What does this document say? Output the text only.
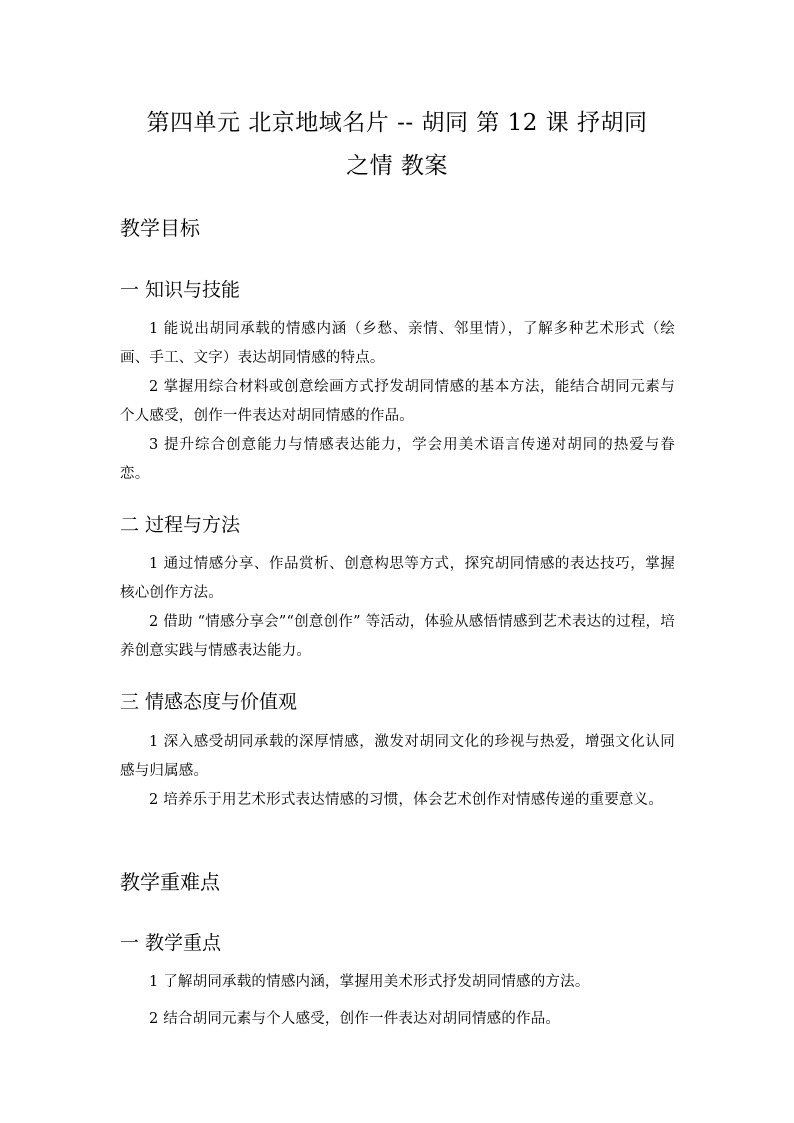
第四单元 北京地域名片 -- 胡同 第 12 课 抒胡同
之情 教案
教学目标
一 知识与技能
1 能说出胡同承载的情感内涵（乡愁、亲情、邻里情），了解多种艺术形式（绘画、手工、文字）表达胡同情感的特点。
2 掌握用综合材料或创意绘画方式抒发胡同情感的基本方法，能结合胡同元素与个人感受，创作一件表达对胡同情感的作品。
3 提升综合创意能力与情感表达能力，学会用美术语言传递对胡同的热爱与眷恋。
二 过程与方法
1 通过情感分享、作品赏析、创意构思等方式，探究胡同情感的表达技巧，掌握核心创作方法。
2 借助 “情感分享会”“创意创作” 等活动，体验从感悟情感到艺术表达的过程，培养创意实践与情感表达能力。
三 情感态度与价值观
1 深入感受胡同承载的深厚情感，激发对胡同文化的珍视与热爱，增强文化认同感与归属感。
2 培养乐于用艺术形式表达情感的习惯，体会艺术创作对情感传递的重要意义。
教学重难点
一 教学重点
1 了解胡同承载的情感内涵，掌握用美术形式抒发胡同情感的方法。
2 结合胡同元素与个人感受，创作一件表达对胡同情感的作品。
